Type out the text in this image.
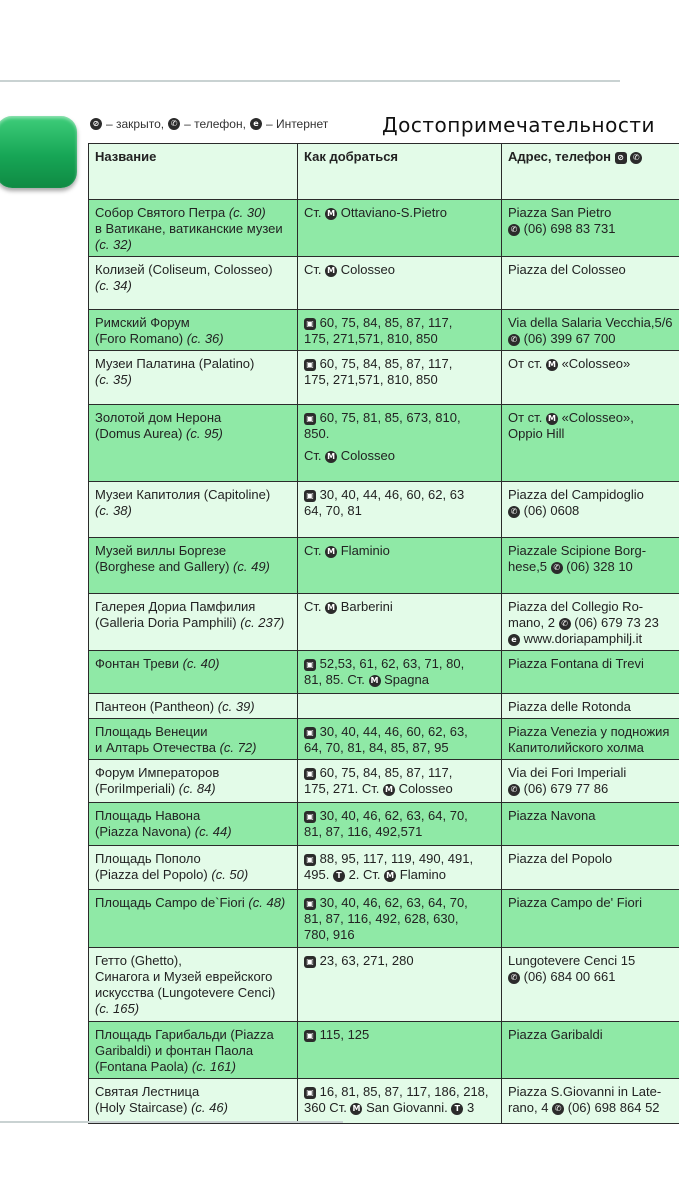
⊘ – закрыто, ✆ – телефон, e – Интернет	Достопримечательности
Название	Как добраться	Адрес, телефон ⊘ ✆

Собор Святого Петра (с. 30)
в Ватикане, ватиканские музеи
(с. 32)	Ст. M Ottaviano-S.Pietro	Piazza San Pietro
✆ (06) 698 83 731

Колизей (Coliseum, Colosseo)
(с. 34)	Ст. M Colosseo	Piazza del Colosseo

Римский Форум
(Foro Romano) (с. 36)	▣ 60, 75, 84, 85, 87, 117,
175, 271,571, 810, 850	Via della Salaria Vecchia,5/6
✆ (06) 399 67 700

Музеи Палатина (Palatino)
(с. 35)	▣ 60, 75, 84, 85, 87, 117,
175, 271,571, 810, 850	От ст. M «Colosseo»

Золотой дом Нерона
(Domus Aurea) (с. 95)	▣ 60, 75, 81, 85, 673, 810,
850.
Ст. M Colosseo	От ст. M «Colosseo»,
Oppio Hill

Музеи Капитолия (Capitoline)
(с. 38)	▣ 30, 40, 44, 46, 60, 62, 63
64, 70, 81	Piazza del Campidoglio
✆ (06) 0608

Музей виллы Боргезе
(Borghese and Gallery) (с. 49)	Ст. M Flaminio	Piazzale Scipione Borg-
hese,5 ✆ (06) 328 10

Галерея Дориа Памфилия
(Galleria Doria Pamphili) (с. 237)	Ст. M Barberini	Piazza del Collegio Ro-
mano, 2 ✆ (06) 679 73 23
e www.doriapamphilj.it

Фонтан Треви (с. 40)	▣ 52,53, 61, 62, 63, 71, 80,
81, 85. Ст. M Spagna	Piazza Fontana di Trevi

Пантеон (Pantheon) (с. 39)		Piazza delle Rotonda

Площадь Венеции
и Алтарь Отечества (с. 72)	▣ 30, 40, 44, 46, 60, 62, 63,
64, 70, 81, 84, 85, 87, 95	Piazza Venezia у подножия
Капитолийского холма

Форум Императоров
(ForiImperiali) (с. 84)	▣ 60, 75, 84, 85, 87, 117,
175, 271. Ст. M Colosseo	Via dei Fori Imperiali
✆ (06) 679 77 86

Площадь Навона
(Piazza Navona) (с. 44)	▣ 30, 40, 46, 62, 63, 64, 70,
81, 87, 116, 492,571	Piazza Navona

Площадь Пополо
(Piazza del Popolo) (с. 50)	▣ 88, 95, 117, 119, 490, 491,
495. T 2. Ст. M Flamino	Piazza del Popolo

Площадь Campo de`Fiori (с. 48)	▣ 30, 40, 46, 62, 63, 64, 70,
81, 87, 116, 492, 628, 630,
780, 916	Piazza Campo de' Fiori

Гетто (Ghetto),
Синагога и Музей еврейского
искусства (Lungotevere Cenci)
(с. 165)	▣ 23, 63, 271, 280	Lungotevere Cenci 15
✆ (06) 684 00 661

Площадь Гарибальди (Piazza
Garibaldi) и фонтан Паола
(Fontana Paola) (с. 161)	▣ 115, 125	Piazza Garibaldi

Святая Лестница
(Holy Staircase) (с. 46)	▣ 16, 81, 85, 87, 117, 186, 218,
360 Ст. M San Giovanni. T 3	Piazza S.Giovanni in Late-
rano, 4 ✆ (06) 698 864 52
